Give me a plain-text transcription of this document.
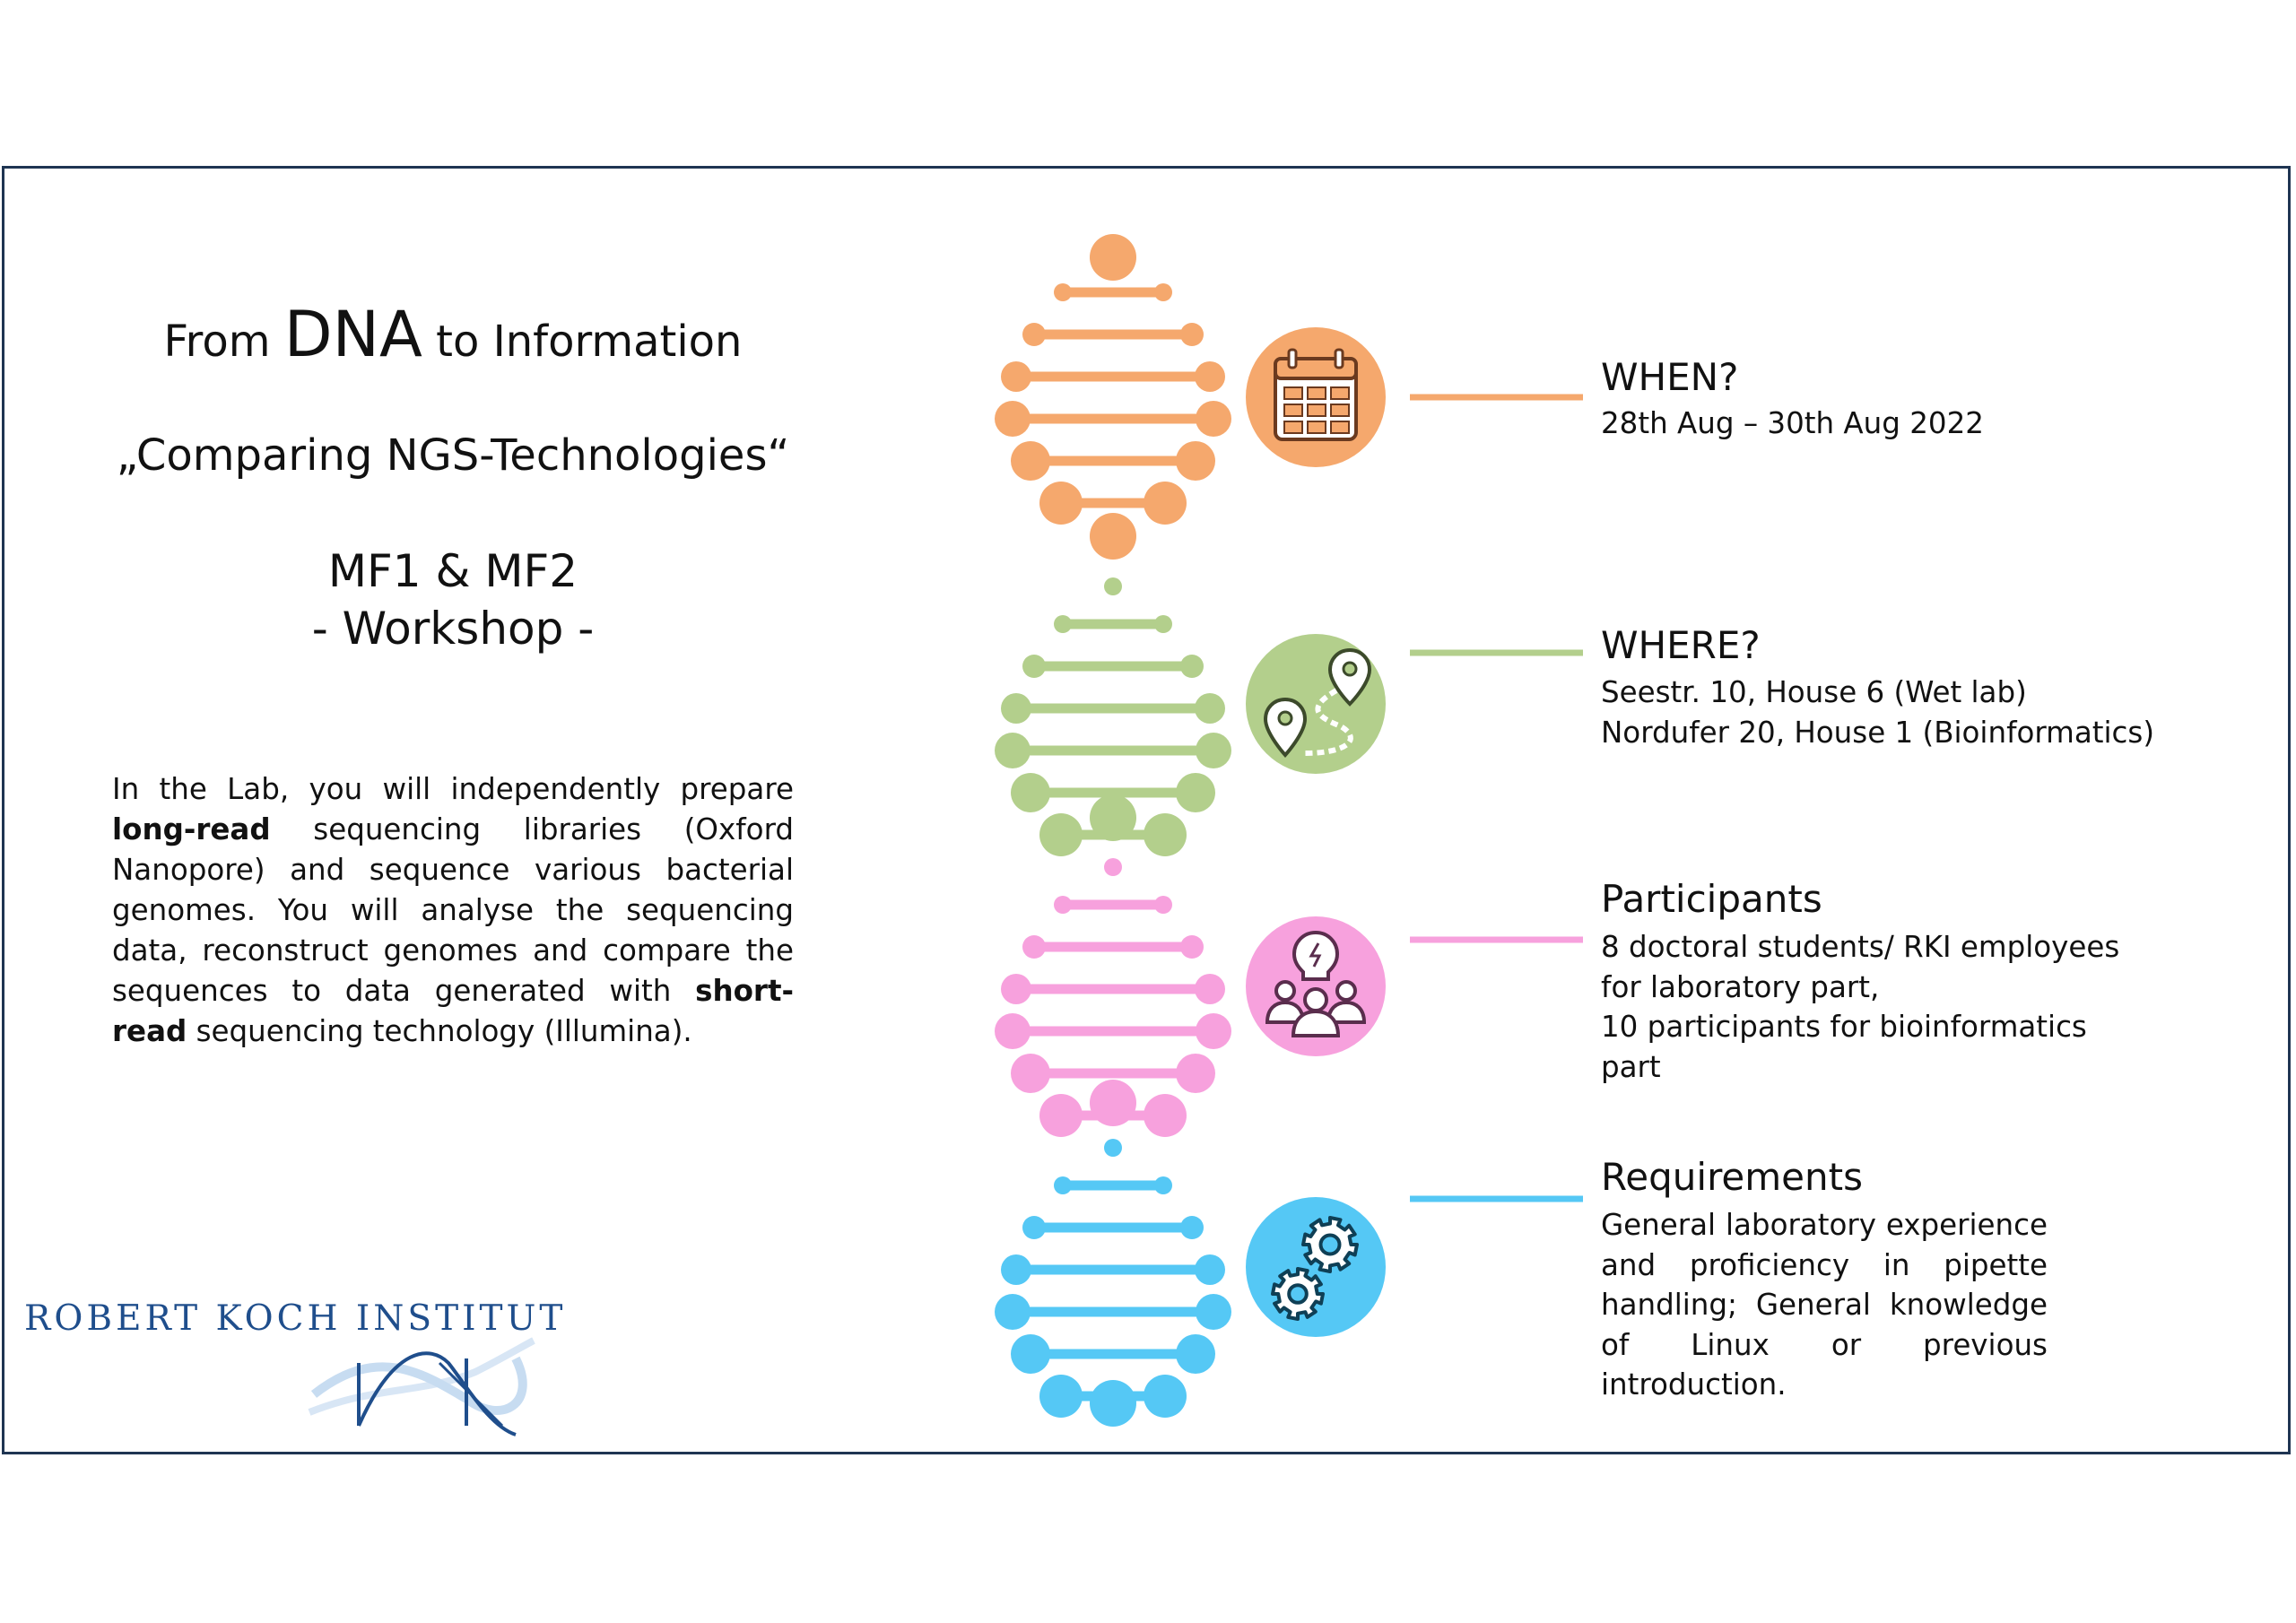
From DNA to Information
„Comparing NGS-Technologies“
MF1 & MF2
- Workshop -
In the Lab, you will independently prepare long-read sequencing libraries (Oxford Nanopore) and sequence various bacterial genomes. You will analyse the sequencing data, reconstruct genomes and compare the sequences to data generated with short-read sequencing technology (Illumina).
ROBERT KOCH INSTITUT
WHEN?
28th Aug – 30th Aug 2022
WHERE?
Seestr. 10, House 6 (Wet lab)
Nordufer 20, House 1 (Bioinformatics)
Participants
8 doctoral students/ RKI employees
for laboratory part,
10 participants for bioinformatics
part
Requirements
General laboratory experience and proficiency in pipette handling; General knowledge of Linux or previous introduction.
